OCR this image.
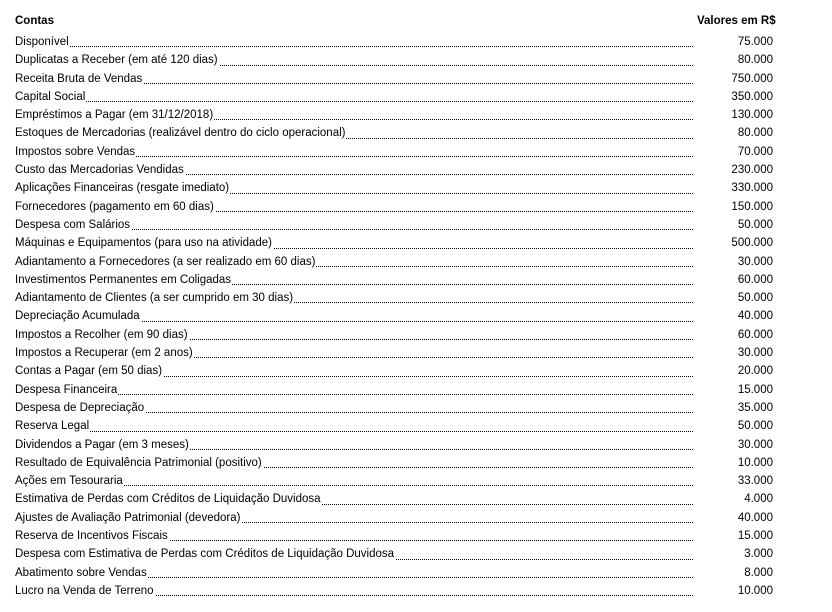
Contas	Valores em R$
Disponível	75.000
Duplicatas a Receber (em até 120 dias)	80.000
Receita Bruta de Vendas	750.000
Capital Social	350.000
Empréstimos a Pagar (em 31/12/2018)	130.000
Estoques de Mercadorias (realizável dentro do ciclo operacional)	80.000
Impostos sobre Vendas	70.000
Custo das Mercadorias Vendidas	230.000
Aplicações Financeiras (resgate imediato)	330.000
Fornecedores (pagamento em 60 dias)	150.000
Despesa com Salários	50.000
Máquinas e Equipamentos (para uso na atividade)	500.000
Adiantamento a Fornecedores (a ser realizado em 60 dias)	30.000
Investimentos Permanentes em Coligadas	60.000
Adiantamento de Clientes (a ser cumprido em 30 dias)	50.000
Depreciação Acumulada	40.000
Impostos a Recolher (em 90 dias)	60.000
Impostos a Recuperar (em 2 anos)	30.000
Contas a Pagar (em 50 dias)	20.000
Despesa Financeira	15.000
Despesa de Depreciação	35.000
Reserva Legal	50.000
Dividendos a Pagar (em 3 meses)	30.000
Resultado de Equivalência Patrimonial (positivo)	10.000
Ações em Tesouraria	33.000
Estimativa de Perdas com Créditos de Liquidação Duvidosa	4.000
Ajustes de Avaliação Patrimonial (devedora)	40.000
Reserva de Incentivos Fiscais	15.000
Despesa com Estimativa de Perdas com Créditos de Liquidação Duvidosa	3.000
Abatimento sobre Vendas	8.000
Lucro na Venda de Terreno	10.000
